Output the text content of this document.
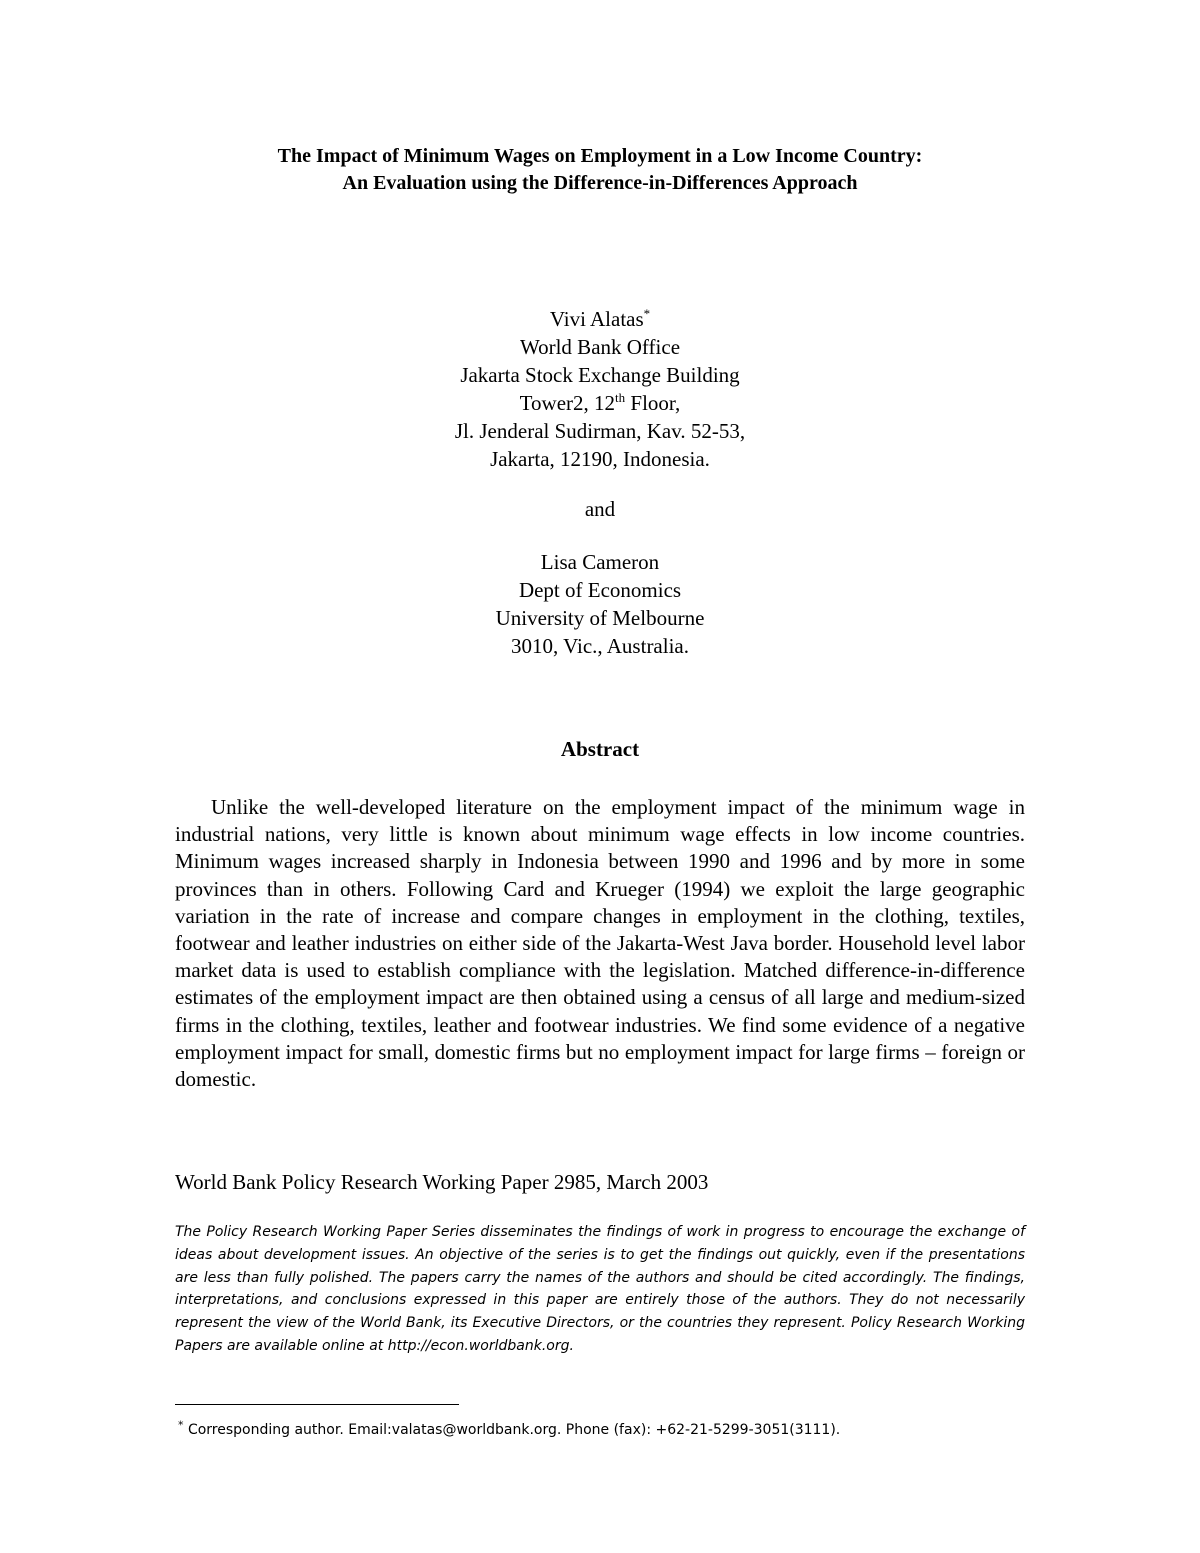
The Impact of Minimum Wages on Employment in a Low Income Country:
An Evaluation using the Difference-in-Differences Approach
Vivi Alatas*
World Bank Office
Jakarta Stock Exchange Building
Tower2, 12th Floor,
Jl. Jenderal Sudirman, Kav. 52-53,
Jakarta, 12190, Indonesia.
and
Lisa Cameron
Dept of Economics
University of Melbourne
3010, Vic., Australia.
Abstract

Unlike the well-developed literature on the employment impact of the minimum wage in industrial nations, very little is known about minimum wage effects in low income countries. Minimum wages increased sharply in Indonesia between 1990 and 1996 and by more in some provinces than in others. Following Card and Krueger (1994) we exploit the large geographic variation in the rate of increase and compare changes in employment in the clothing, textiles, footwear and leather industries on either side of the Jakarta-West Java border. Household level labor market data is used to establish compliance with the legislation. Matched difference-in-difference estimates of the employment impact are then obtained using a census of all large and medium-sized firms in the clothing, textiles, leather and footwear industries. We find some evidence of a negative employment impact for small, domestic firms but no employment impact for large firms – foreign or domestic.

World Bank Policy Research Working Paper 2985, March 2003

The Policy Research Working Paper Series disseminates the findings of work in progress to encourage the exchange of ideas about development issues. An objective of the series is to get the findings out quickly, even if the presentations are less than fully polished. The papers carry the names of the authors and should be cited accordingly. The findings, interpretations, and conclusions expressed in this paper are entirely those of the authors. They do not necessarily represent the view of the World Bank, its Executive Directors, or the countries they represent. Policy Research Working Papers are available online at http://econ.worldbank.org.

* Corresponding author. Email:valatas@worldbank.org. Phone (fax): +62-21-5299-3051(3111).
